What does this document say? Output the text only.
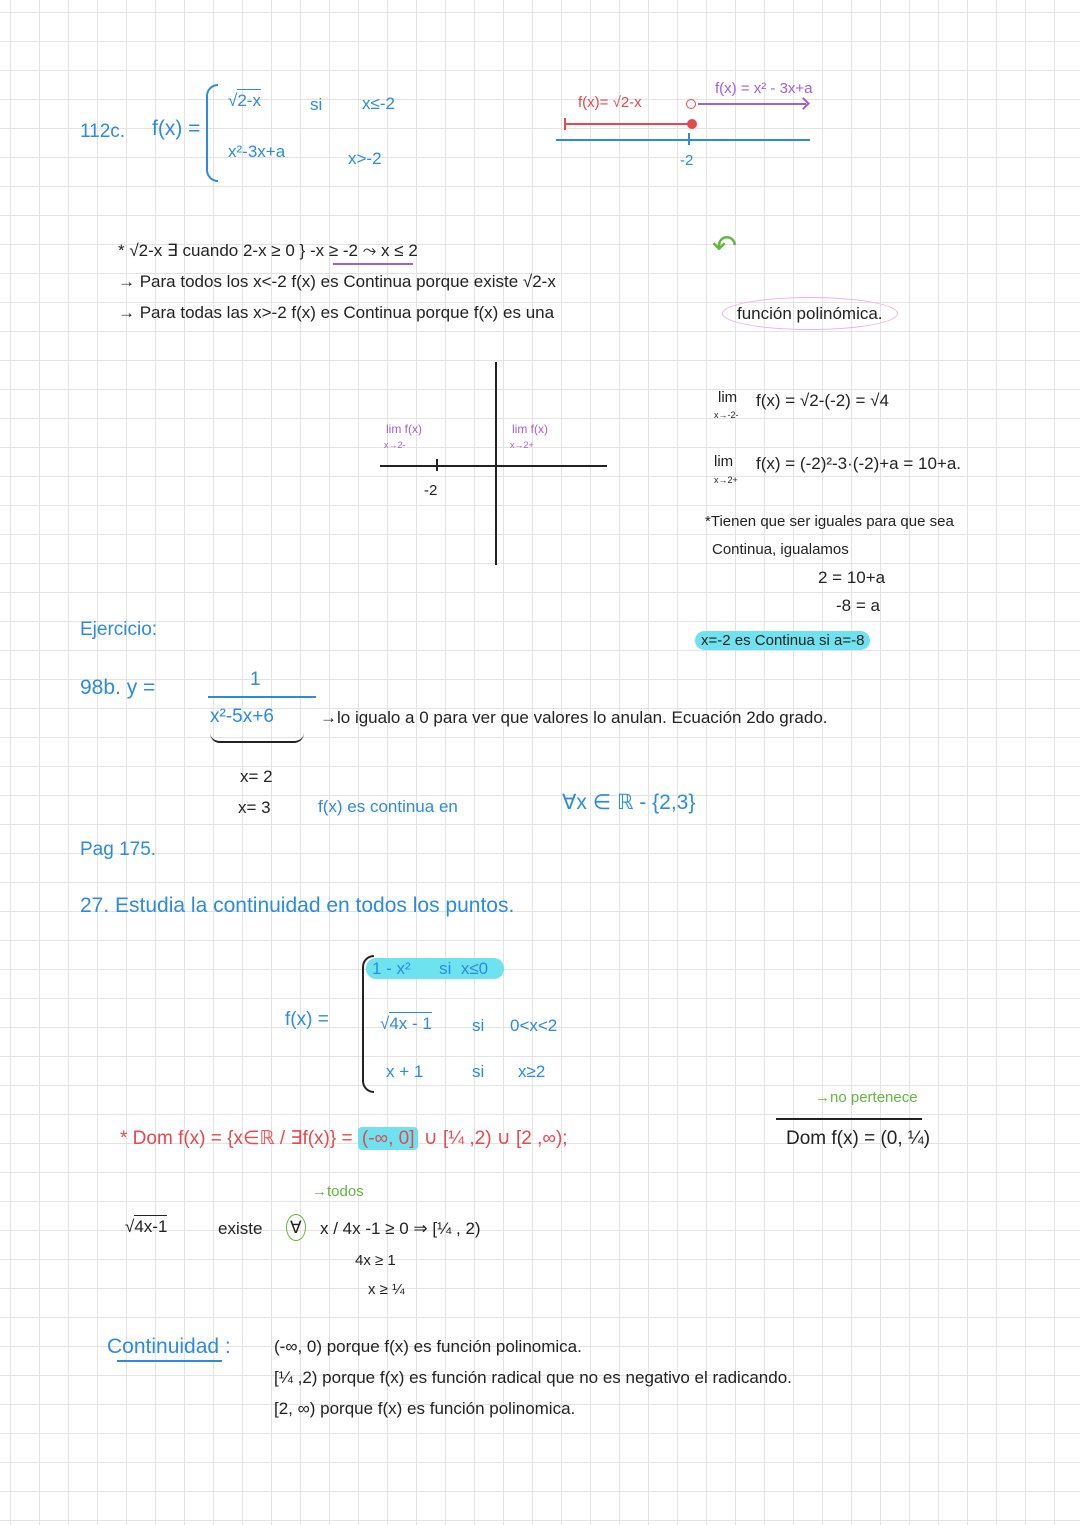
112c. f(x) =
√2-x	si x≤-2
x²-3x+a	x>-2
f(x)= √2-x
f(x) = x² - 3x+a
-2
* √2-x ∃ cuando 2-x ≥ 0 } -x ≥ -2 ⤳ x ≤ 2	↶
→ Para todos los x<-2 f(x) es Continua porque existe √2-x
→ Para todas las x>-2 f(x) es Continua porque f(x) es una	función polinómica.
-2
lim f(x)
x→2-
lim f(x)
x→2+
lim
x→-2-
f(x) = √2-(-2) = √4
lim
x→2+
f(x) = (-2)²-3·(-2)+a = 10+a.
*Tienen que ser iguales para que sea
Continua, igualamos
2 = 10+a
-8 = a
x=-2 es Continua si a=-8
Ejercicio:
98b. y =	1
x²-5x+6	→lo igualo a 0 para ver que valores lo anulan. Ecuación 2do grado.
x= 2
x= 3	f(x) es continua en	∀x ∈ ℝ - {2,3}
Pag 175.
27. Estudia la continuidad en todos los puntos.
f(x) =
1 - x² si x≤0
√4x - 1 si 0<x<2
x + 1	si x≥2
* Dom f(x) = {x∈ℝ / ∃f(x)} = (-∞, 0] ∪ [¼ ,2) ∪ [2 ,∞);
→no pertenece
Dom f(x) = (0, ¼)
√4x-1	existe ∀
→todos
x / 4x -1 ≥ 0 ⇒ [¼ , 2)
4x ≥ 1
x ≥ ¼
Continuidad :	(-∞, 0) porque f(x) es función polinomica.
[¼ ,2) porque f(x) es función radical que no es negativo el radicando.
[2, ∞) porque f(x) es función polinomica.
